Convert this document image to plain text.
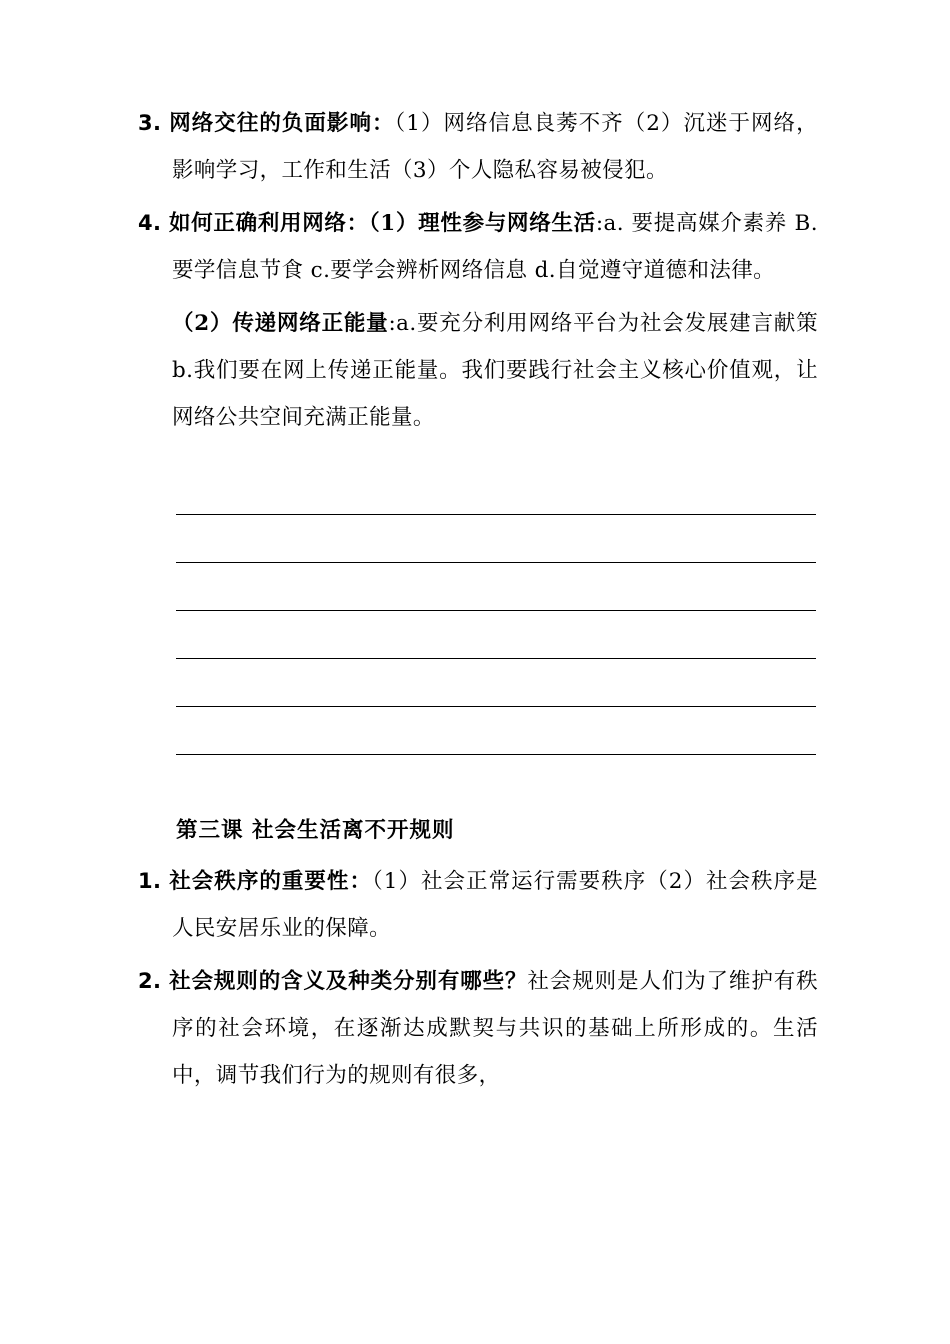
3. 网络交往的负面影响：（1）网络信息良莠不齐（2）沉迷于网络，影响学习，工作和生活（3）个人隐私容易被侵犯。

4. 如何正确利用网络：（1）理性参与网络生活:a. 要提高媒介素养 B.要学信息节食 c.要学会辨析网络信息 d.自觉遵守道德和法律。

（2）传递网络正能量:a.要充分利用网络平台为社会发展建言献策 b.我们要在网上传递正能量。我们要践行社会主义核心价值观，让网络公共空间充满正能量。

第三课 社会生活离不开规则

1. 社会秩序的重要性：（1）社会正常运行需要秩序（2）社会秩序是人民安居乐业的保障。

2. 社会规则的含义及种类分别有哪些？社会规则是人们为了维护有秩序的社会环境，在逐渐达成默契与共识的基础上所形成的。生活中，调节我们行为的规则有很多，
